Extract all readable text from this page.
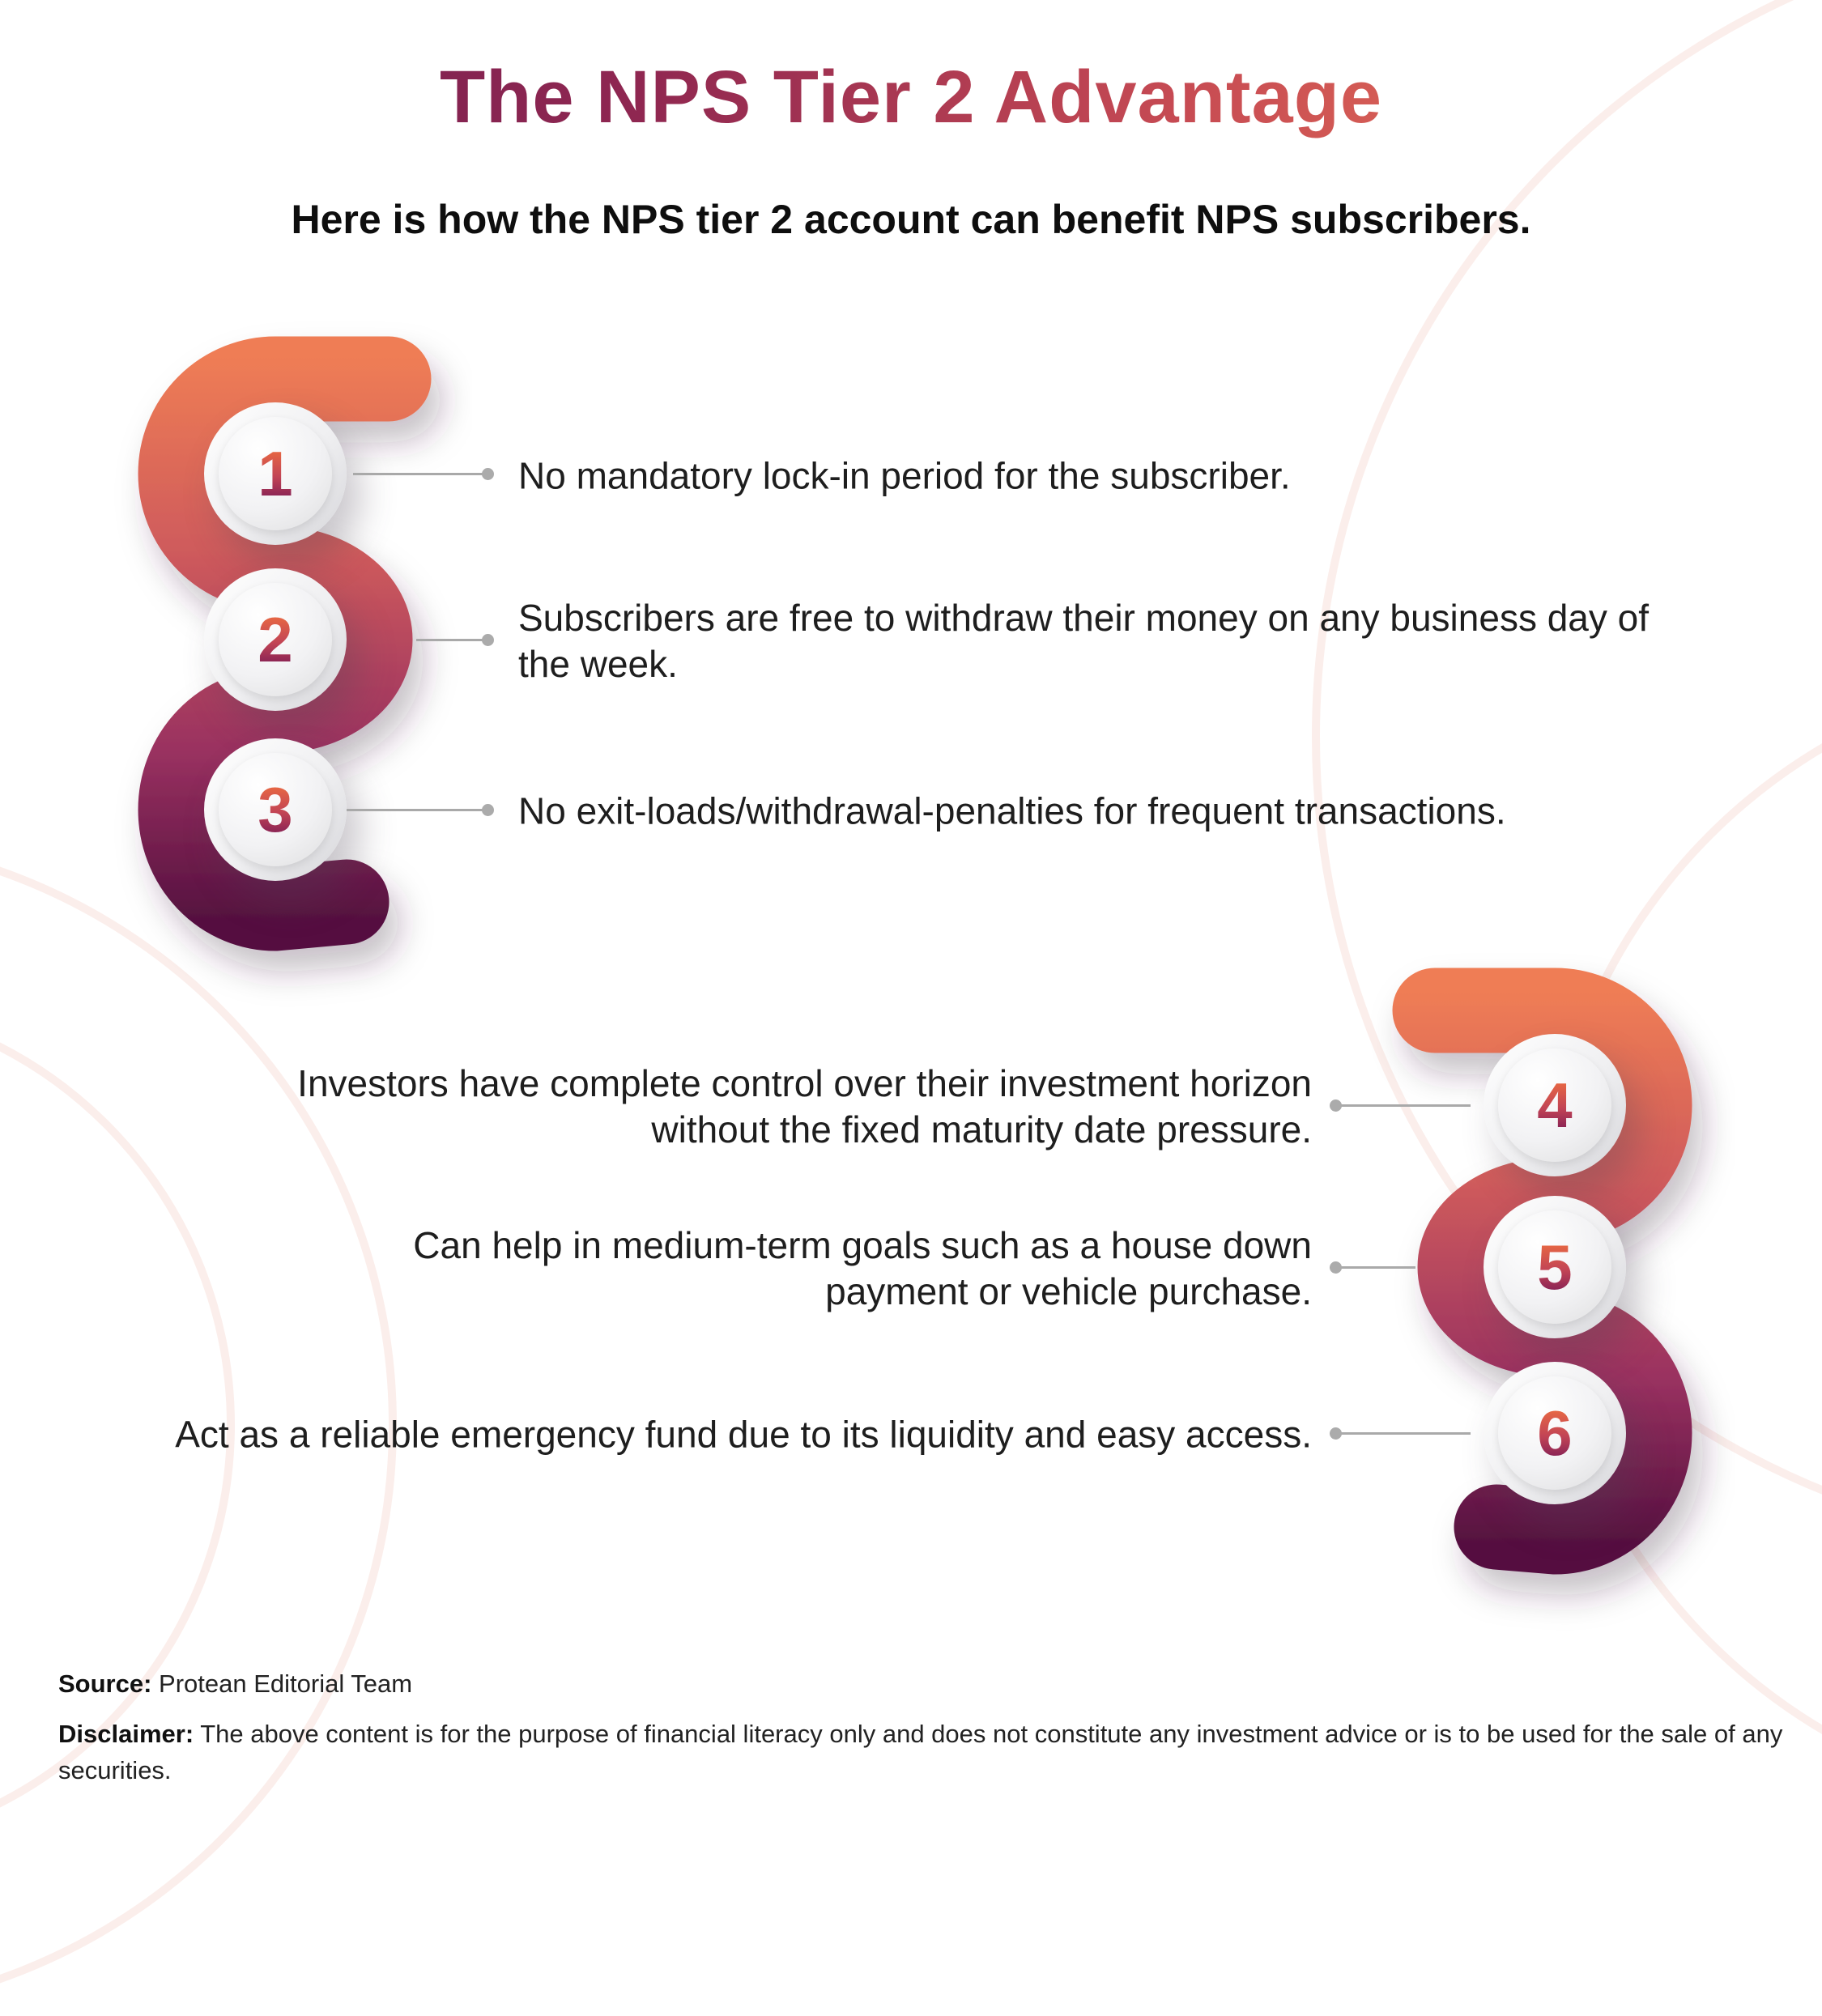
The NPS Tier 2 Advantage
Here is how the NPS tier 2 account can benefit NPS subscribers.
1
2
3
4
5
6
No mandatory lock-in period for the subscriber.
Subscribers are free to withdraw their money on any business day of the week.
No exit-loads/withdrawal-penalties for frequent transactions.
Investors have complete control over their investment horizon without the fixed maturity date pressure.
Can help in medium-term goals such as a house down payment or vehicle purchase.
Act as a reliable emergency fund due to its liquidity and easy access.
Source: Protean Editorial Team
Disclaimer: The above content is for the purpose of financial literacy only and does not constitute any investment advice or is to be used for the sale of any securities.
